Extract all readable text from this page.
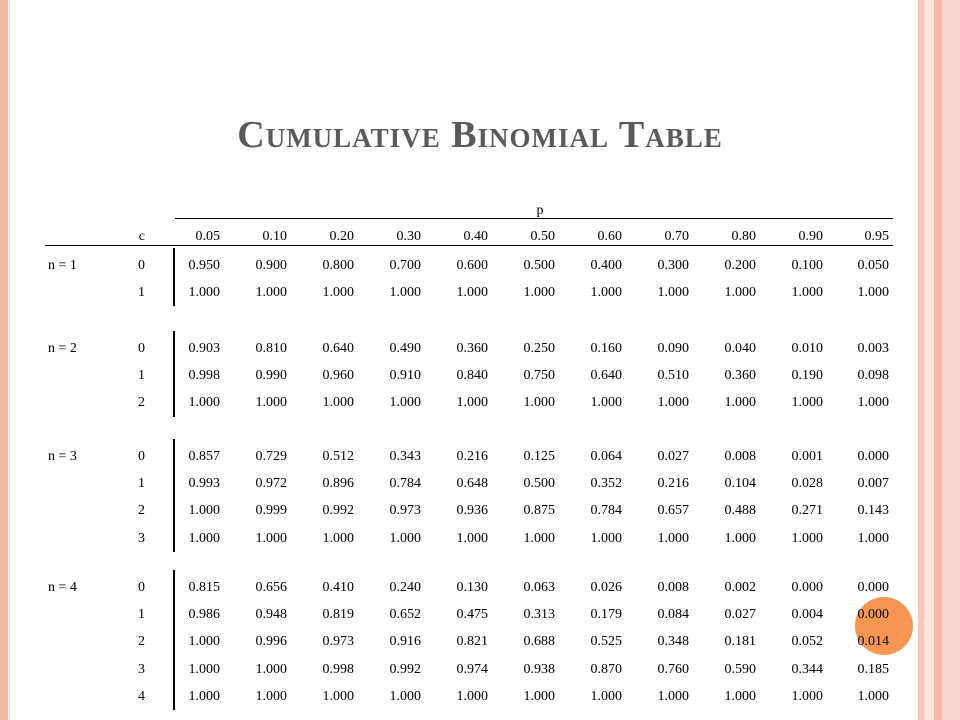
Cumulative Binomial Table
p
c	0.05	0.10	0.20	0.30	0.40	0.50	0.60	0.70	0.80	0.90	0.95
n = 1	0	0.950	0.900	0.800	0.700	0.600	0.500	0.400	0.300	0.200	0.100 0.050
1	1.000	1.000	1.000	1.000	1.000	1.000	1.000	1.000	1.000	1.000 1.000
n = 2	0	0.903	0.810	0.640	0.490	0.360	0.250	0.160	0.090	0.040	0.010 0.003
1	0.998	0.990	0.960	0.910	0.840	0.750	0.640	0.510	0.360	0.190 0.098
2	1.000	1.000	1.000	1.000	1.000	1.000	1.000	1.000	1.000	1.000 1.000
n = 3	0	0.857	0.729	0.512	0.343	0.216	0.125	0.064	0.027	0.008	0.001 0.000
1	0.993	0.972	0.896	0.784	0.648	0.500	0.352	0.216	0.104	0.028 0.007
2	1.000	0.999	0.992	0.973	0.936	0.875	0.784	0.657	0.488	0.271 0.143
3	1.000	1.000	1.000	1.000	1.000	1.000	1.000	1.000	1.000	1.000 1.000
n = 4	0	0.815	0.656	0.410	0.240	0.130	0.063	0.026	0.008	0.002	0.000 0.000
1	0.986	0.948	0.819	0.652	0.475	0.313	0.179	0.084	0.027	0.004 0.000
2	1.000	0.996	0.973	0.916	0.821	0.688	0.525	0.348	0.181	0.052 0.014
3	1.000	1.000	0.998	0.992	0.974	0.938	0.870	0.760	0.590	0.344 0.185
4	1.000	1.000	1.000	1.000	1.000	1.000	1.000	1.000	1.000	1.000 1.000
